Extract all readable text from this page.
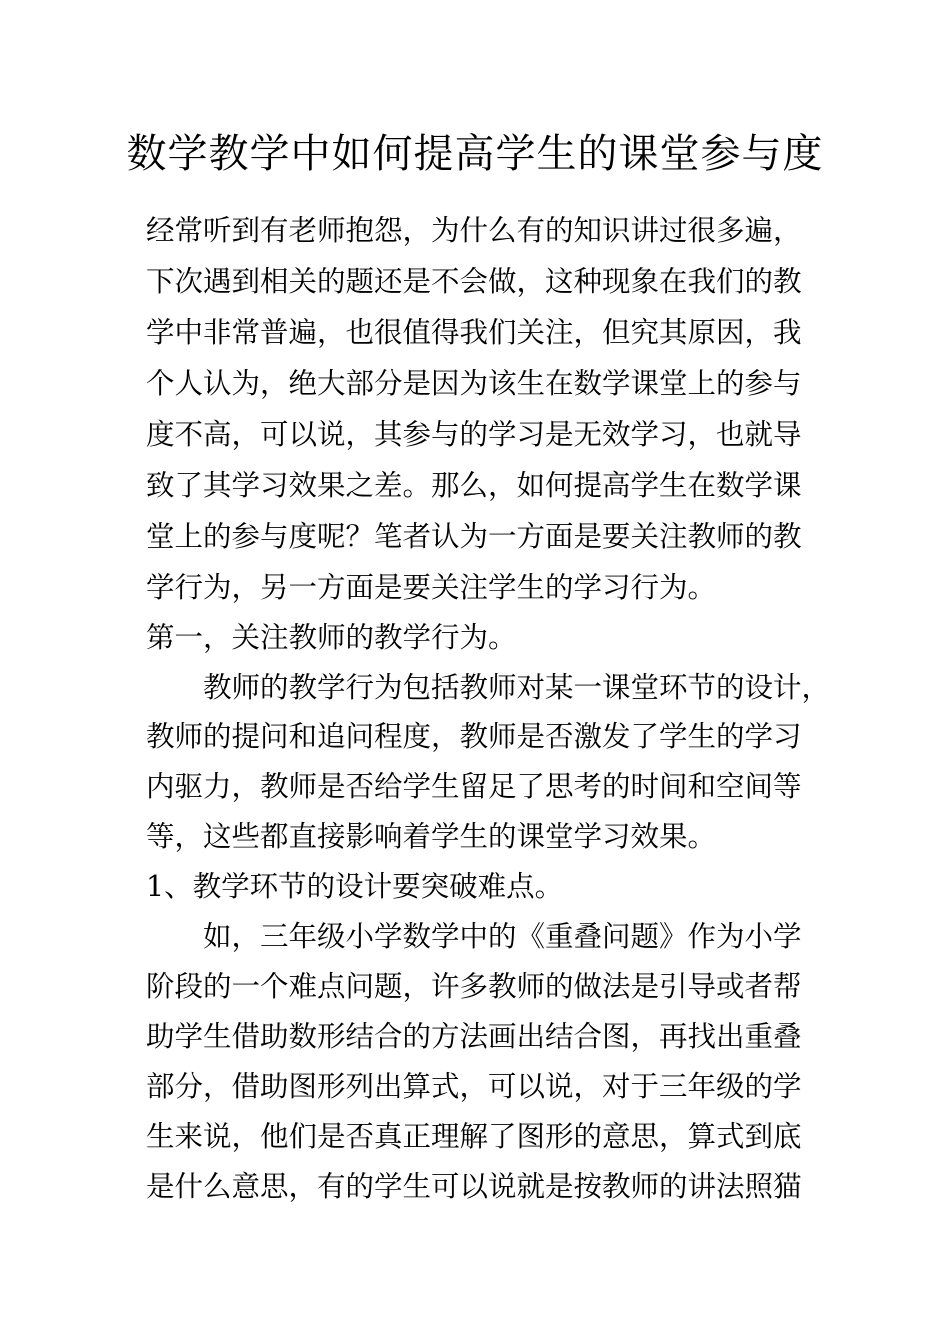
数学教学中如何提高学生的课堂参与度
经常听到有老师抱怨，为什么有的知识讲过很多遍，
下次遇到相关的题还是不会做，这种现象在我们的教
学中非常普遍，也很值得我们关注，但究其原因，我
个人认为，绝大部分是因为该生在数学课堂上的参与
度不高，可以说，其参与的学习是无效学习，也就导
致了其学习效果之差。那么，如何提高学生在数学课
堂上的参与度呢？笔者认为一方面是要关注教师的教
学行为，另一方面是要关注学生的学习行为。
第一，关注教师的教学行为。
教师的教学行为包括教师对某一课堂环节的设计，
教师的提问和追问程度，教师是否激发了学生的学习
内驱力，教师是否给学生留足了思考的时间和空间等
等，这些都直接影响着学生的课堂学习效果。
1、教学环节的设计要突破难点。
如，三年级小学数学中的《重叠问题》作为小学
阶段的一个难点问题，许多教师的做法是引导或者帮
助学生借助数形结合的方法画出结合图，再找出重叠
部分，借助图形列出算式，可以说，对于三年级的学
生来说，他们是否真正理解了图形的意思，算式到底
是什么意思，有的学生可以说就是按教师的讲法照猫
